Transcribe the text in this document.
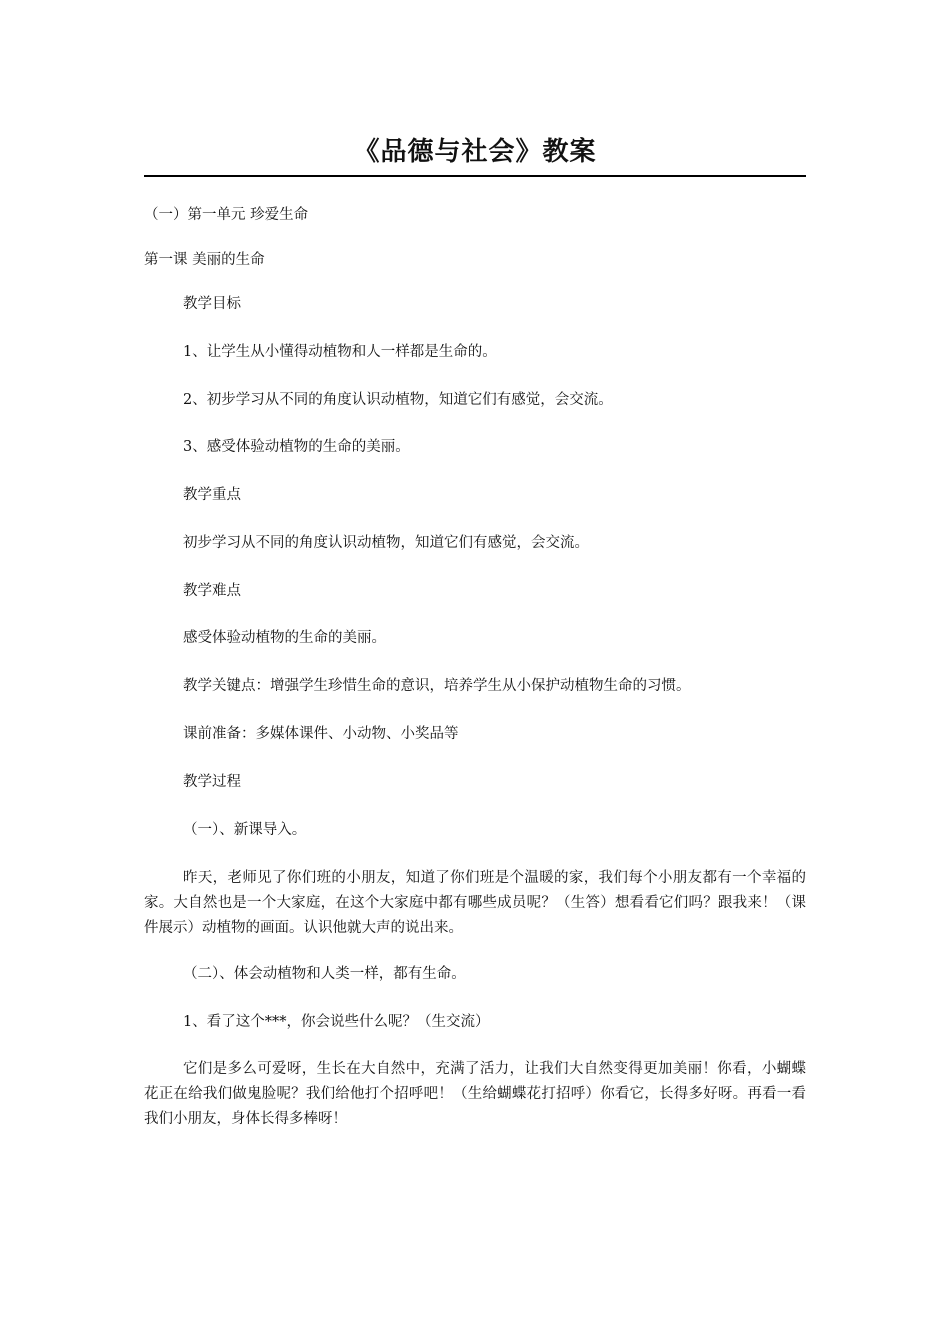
《品德与社会》教案
（一）第一单元 珍爱生命
第一课 美丽的生命
教学目标
1、让学生从小懂得动植物和人一样都是生命的。
2、初步学习从不同的角度认识动植物，知道它们有感觉，会交流。
3、感受体验动植物的生命的美丽。
教学重点
初步学习从不同的角度认识动植物，知道它们有感觉，会交流。
教学难点
感受体验动植物的生命的美丽。
教学关键点：增强学生珍惜生命的意识，培养学生从小保护动植物生命的习惯。
课前准备：多媒体课件、小动物、小奖品等
教学过程
（一）、新课导入。
昨天，老师见了你们班的小朋友，知道了你们班是个温暖的家，我们每个小朋友都有一个幸福的家。大自然也是一个大家庭，在这个大家庭中都有哪些成员呢？（生答）想看看它们吗？跟我来！（课件展示）动植物的画面。认识他就大声的说出来。
（二）、体会动植物和人类一样，都有生命。
1、看了这个***，你会说些什么呢？（生交流）
它们是多么可爱呀，生长在大自然中，充满了活力，让我们大自然变得更加美丽！你看，小蝴蝶花正在给我们做鬼脸呢？我们给他打个招呼吧！（生给蝴蝶花打招呼）你看它，长得多好呀。再看一看我们小朋友，身体长得多棒呀！
